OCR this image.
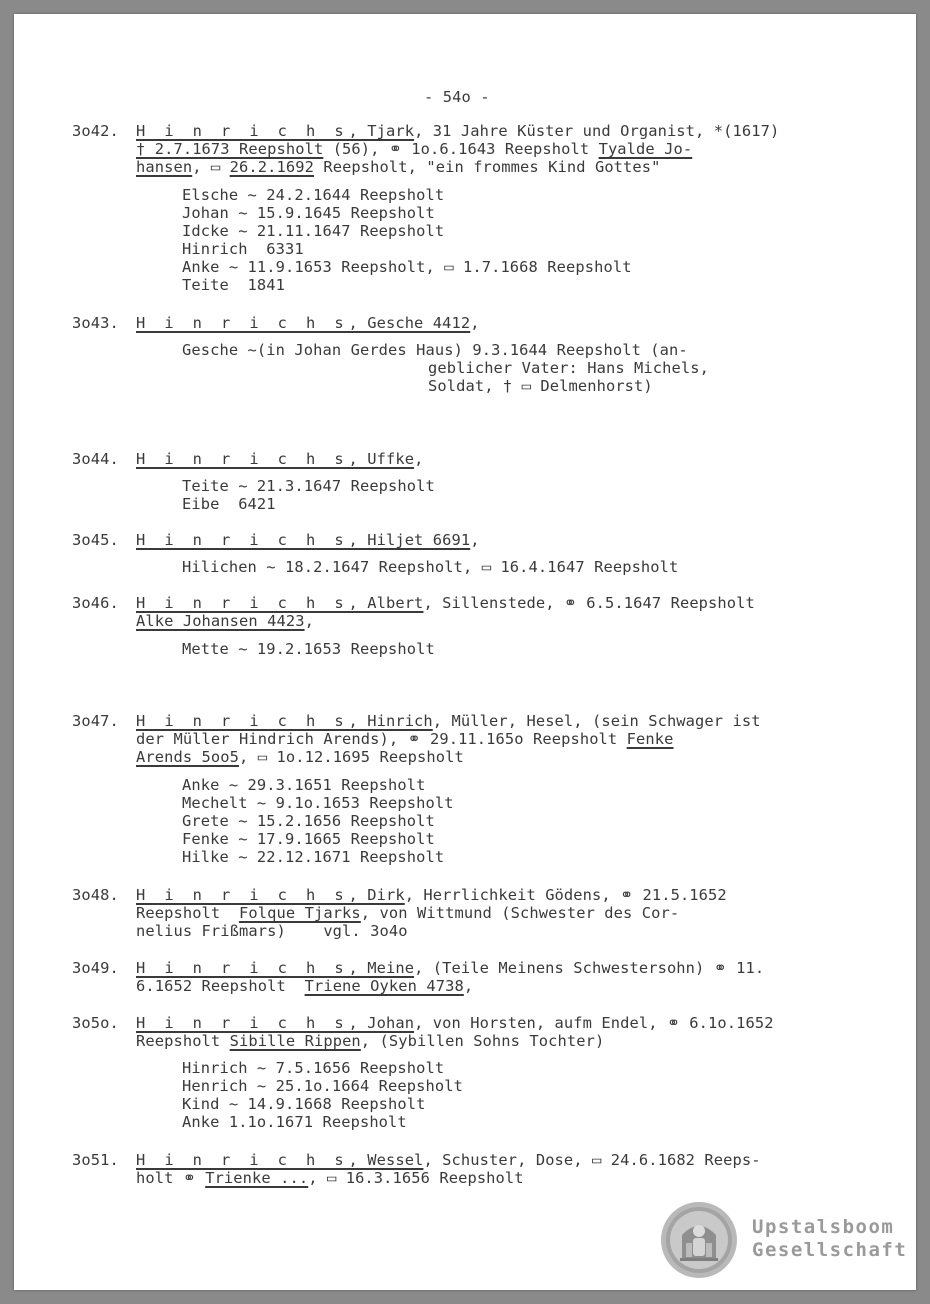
- 54o -
3o42. H i n r i c h s, Tjark, 31 Jahre Küster und Organist, *(1617)
† 2.7.1673 Reepsholt (56), ⚭ 1o.6.1643 Reepsholt Tyalde Jo-
hansen, ▭ 26.2.1692 Reepsholt, "ein frommes Kind Gottes"
Elsche ~ 24.2.1644 Reepsholt
Johan ~ 15.9.1645 Reepsholt
Idcke ~ 21.11.1647 Reepsholt
Hinrich  6331
Anke ~ 11.9.1653 Reepsholt, ▭ 1.7.1668 Reepsholt
Teite  1841
3o43. H i n r i c h s, Gesche 4412,
Gesche ~(in Johan Gerdes Haus) 9.3.1644 Reepsholt (an-
geblicher Vater: Hans Michels,
Soldat, † ▭ Delmenhorst)
3o44. H i n r i c h s, Uffke,
Teite ~ 21.3.1647 Reepsholt
Eibe  6421
3o45. H i n r i c h s, Hiljet 6691,
Hilichen ~ 18.2.1647 Reepsholt, ▭ 16.4.1647 Reepsholt
3o46. H i n r i c h s, Albert, Sillenstede, ⚭ 6.5.1647 Reepsholt
Alke Johansen 4423,
Mette ~ 19.2.1653 Reepsholt
3o47. H i n r i c h s, Hinrich, Müller, Hesel, (sein Schwager ist
der Müller Hindrich Arends), ⚭ 29.11.165o Reepsholt Fenke
Arends 5oo5, ▭ 1o.12.1695 Reepsholt
Anke ~ 29.3.1651 Reepsholt
Mechelt ~ 9.1o.1653 Reepsholt
Grete ~ 15.2.1656 Reepsholt
Fenke ~ 17.9.1665 Reepsholt
Hilke ~ 22.12.1671 Reepsholt
3o48. H i n r i c h s, Dirk, Herrlichkeit Gödens, ⚭ 21.5.1652
Reepsholt  Folque Tjarks, von Wittmund (Schwester des Cor-
nelius Frißmars)    vgl. 3o4o
3o49. H i n r i c h s, Meine, (Teile Meinens Schwestersohn) ⚭ 11.
6.1652 Reepsholt  Triene Oyken 4738,
3o5o. H i n r i c h s, Johan, von Horsten, aufm Endel, ⚭ 6.1o.1652
Reepsholt Sibille Rippen, (Sybillen Sohns Tochter)
Hinrich ~ 7.5.1656 Reepsholt
Henrich ~ 25.1o.1664 Reepsholt
Kind ~ 14.9.1668 Reepsholt
Anke 1.1o.1671 Reepsholt
3o51. H i n r i c h s, Wessel, Schuster, Dose, ▭ 24.6.1682 Reeps-
holt ⚭ Trienke ..., ▭ 16.3.1656 Reepsholt
Upstalsboom
Gesellschaft
